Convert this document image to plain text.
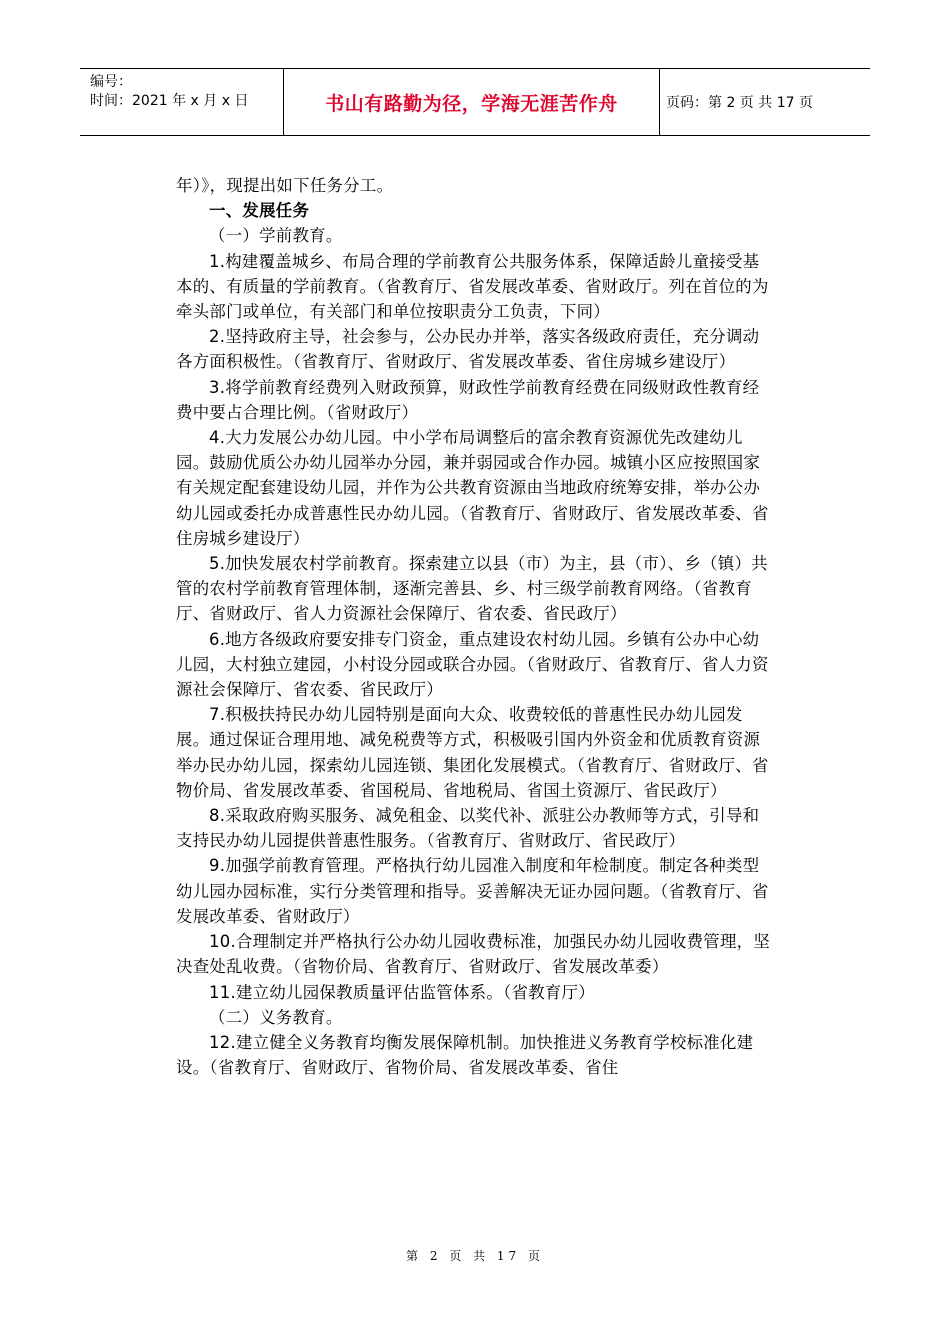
编号：
时间：2021 年 x 月 x 日	书山有路勤为径，学海无涯苦作舟	页码：第 2 页 共 17 页

年）》，现提出如下任务分工。

一、发展任务

（一）学前教育。

1.构建覆盖城乡、布局合理的学前教育公共服务体系，保障适龄儿童接受基本的、有质量的学前教育。（省教育厅、省发展改革委、省财政厅。列在首位的为牵头部门或单位，有关部门和单位按职责分工负责，下同）

2.坚持政府主导，社会参与，公办民办并举，落实各级政府责任，充分调动各方面积极性。（省教育厅、省财政厅、省发展改革委、省住房城乡建设厅）

3.将学前教育经费列入财政预算，财政性学前教育经费在同级财政性教育经费中要占合理比例。（省财政厅）

4.大力发展公办幼儿园。中小学布局调整后的富余教育资源优先改建幼儿园。鼓励优质公办幼儿园举办分园，兼并弱园或合作办园。城镇小区应按照国家有关规定配套建设幼儿园，并作为公共教育资源由当地政府统筹安排，举办公办幼儿园或委托办成普惠性民办幼儿园。（省教育厅、省财政厅、省发展改革委、省住房城乡建设厅）

5.加快发展农村学前教育。探索建立以县（市）为主，县（市）、乡（镇）共管的农村学前教育管理体制，逐渐完善县、乡、村三级学前教育网络。（省教育厅、省财政厅、省人力资源社会保障厅、省农委、省民政厅）

6.地方各级政府要安排专门资金，重点建设农村幼儿园。乡镇有公办中心幼儿园，大村独立建园，小村设分园或联合办园。（省财政厅、省教育厅、省人力资源社会保障厅、省农委、省民政厅）

7.积极扶持民办幼儿园特别是面向大众、收费较低的普惠性民办幼儿园发展。通过保证合理用地、减免税费等方式，积极吸引国内外资金和优质教育资源举办民办幼儿园，探索幼儿园连锁、集团化发展模式。（省教育厅、省财政厅、省物价局、省发展改革委、省国税局、省地税局、省国土资源厅、省民政厅）

8.采取政府购买服务、减免租金、以奖代补、派驻公办教师等方式，引导和支持民办幼儿园提供普惠性服务。（省教育厅、省财政厅、省民政厅）

9.加强学前教育管理。严格执行幼儿园准入制度和年检制度。制定各种类型幼儿园办园标准，实行分类管理和指导。妥善解决无证办园问题。（省教育厅、省发展改革委、省财政厅）

10.合理制定并严格执行公办幼儿园收费标准，加强民办幼儿园收费管理，坚决查处乱收费。（省物价局、省教育厅、省财政厅、省发展改革委）

11.建立幼儿园保教质量评估监管体系。（省教育厅）

（二）义务教育。

12.建立健全义务教育均衡发展保障机制。加快推进义务教育学校标准化建设。（省教育厅、省财政厅、省物价局、省发展改革委、省住

第 2 页 共 17 页
